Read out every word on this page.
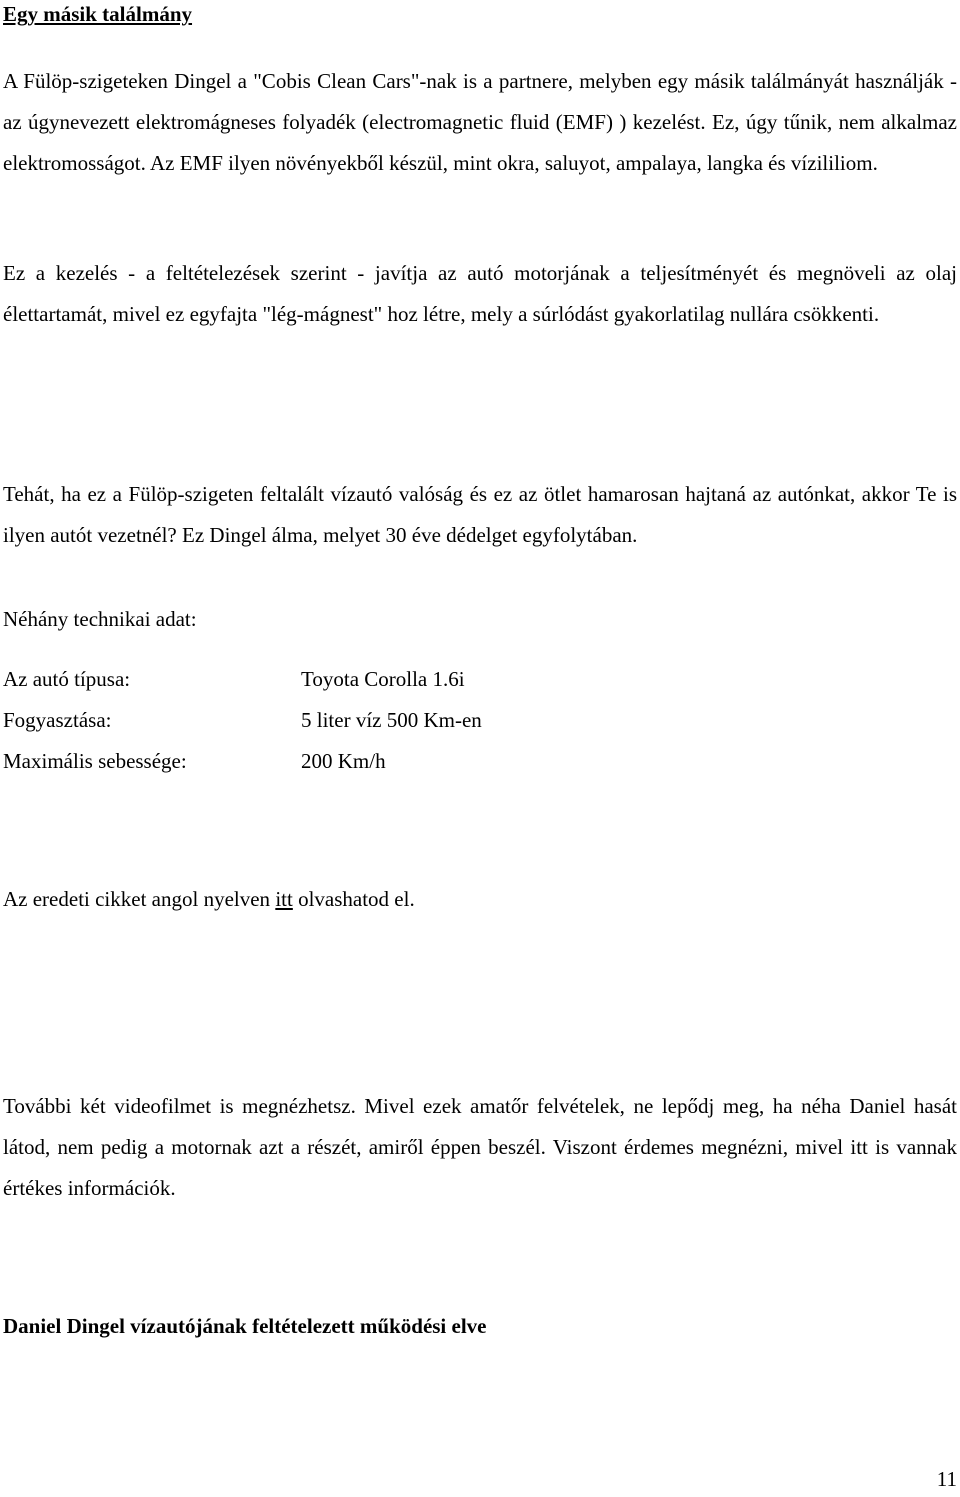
Egy másik találmány

A Fülöp-szigeteken Dingel a "Cobis Clean Cars"-nak is a partnere, melyben egy másik találmányát használják - az úgynevezett elektromágneses folyadék (electromagnetic fluid (EMF) ) kezelést. Ez, úgy tűnik, nem alkalmaz elektromosságot. Az EMF ilyen növényekből készül, mint okra, saluyot, ampalaya, langka és vízililiom.

Ez a kezelés - a feltételezések szerint - javítja az autó motorjának a teljesítményét és megnöveli az olaj élettartamát, mivel ez egyfajta "lég-mágnest" hoz létre, mely a súrlódást gyakorlatilag nullára csökkenti.

Tehát, ha ez a Fülöp-szigeten feltalált vízautó valóság és ez az ötlet hamarosan hajtaná az autónkat, akkor Te is ilyen autót vezetnél? Ez Dingel álma, melyet 30 éve dédelget egyfolytában.

Néhány technikai adat:

Az autó típusa:	Toyota Corolla 1.6i
Fogyasztása:	5 liter víz 500 Km-en
Maximális sebessége:	200 Km/h

Az eredeti cikket angol nyelven itt olvashatod el.

További két videofilmet is megnézhetsz. Mivel ezek amatőr felvételek, ne lepődj meg, ha néha Daniel hasát látod, nem pedig a motornak azt a részét, amiről éppen beszél. Viszont érdemes megnézni, mivel itt is vannak értékes információk.

Daniel Dingel vízautójának feltételezett működési elve
11
